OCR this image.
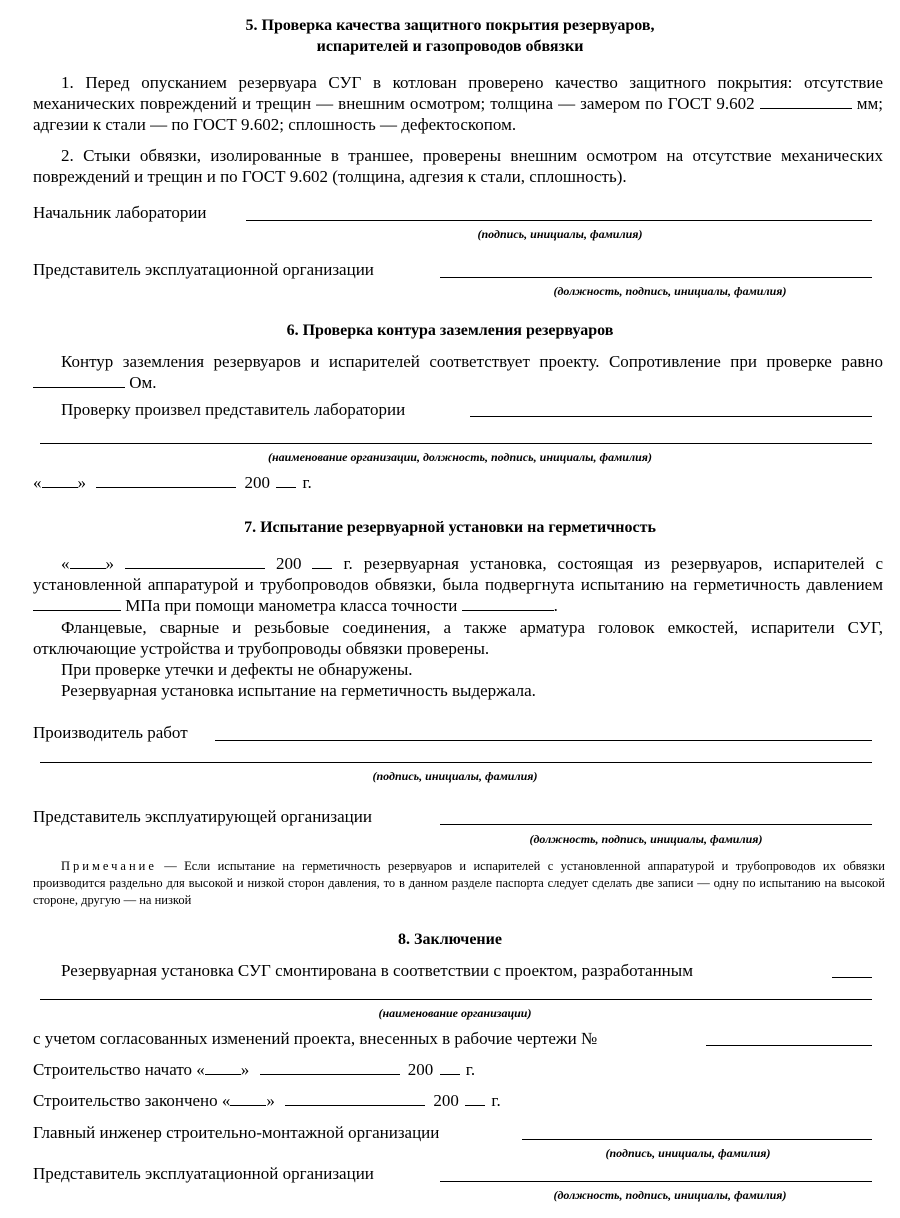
5. Проверка качества защитного покрытия резервуаров,
испарителей и газопроводов обвязки
1. Перед опусканием резервуара СУГ в котлован проверено качество защитного покрытия: отсутствие механических повреждений и трещин — внешним осмотром; толщина — замером по ГОСТ 9.602	мм; адгезии к стали — по ГОСТ 9.602; сплошность — дефектоскопом.
2. Стыки обвязки, изолированные в траншее, проверены внешним осмотром на отсутствие механических повреждений и трещин и по ГОСТ 9.602 (толщина, адгезия к стали, сплошность).
Начальник лаборатории
(подпись, инициалы, фамилия)
Представитель эксплуатационной организации
(должность, подпись, инициалы, фамилия)
6. Проверка контура заземления резервуаров
Контур заземления резервуаров и испарителей соответствует проекту. Сопротивление при проверке равно  Ом.
Проверку произвел представитель лаборатории
(наименование организации, должность, подпись, инициалы, фамилия)
« »	200 г.
7. Испытание резервуарной установки на герметичность
« »	200 г. резервуарная установка, состоящая из резервуаров, испарителей с установленной аппаратурой и трубопроводов обвязки, была подвергнута испытанию на герметичность давлением  МПа при помощи манометра класса точности	.
Фланцевые, сварные и резьбовые соединения, а также арматура головок емкостей, испарители СУГ, отключающие устройства и трубопроводы обвязки проверены.
При проверке утечки и дефекты не обнаружены.
Резервуарная установка испытание на герметичность выдержала.
Производитель работ
(подпись, инициалы, фамилия)
Представитель эксплуатирующей организации
(должность, подпись, инициалы, фамилия)
Примечание — Если испытание на герметичность резервуаров и испарителей с установленной аппаратурой и трубопроводов их обвязки производится раздельно для высокой и низкой сторон давления, то в данном разделе паспорта следует сделать две записи — одну по испытанию на высокой стороне, другую — на низкой
8. Заключение
Резервуарная установка СУГ смонтирована в соответствии с проектом, разработанным
(наименование организации)
с учетом согласованных изменений проекта, внесенных в рабочие чертежи №
Строительство начато « »	200 г.
Строительство закончено « »	200 г.
Главный инженер строительно-монтажной организации
(подпись, инициалы, фамилия)
Представитель эксплуатационной организации
(должность, подпись, инициалы, фамилия)
